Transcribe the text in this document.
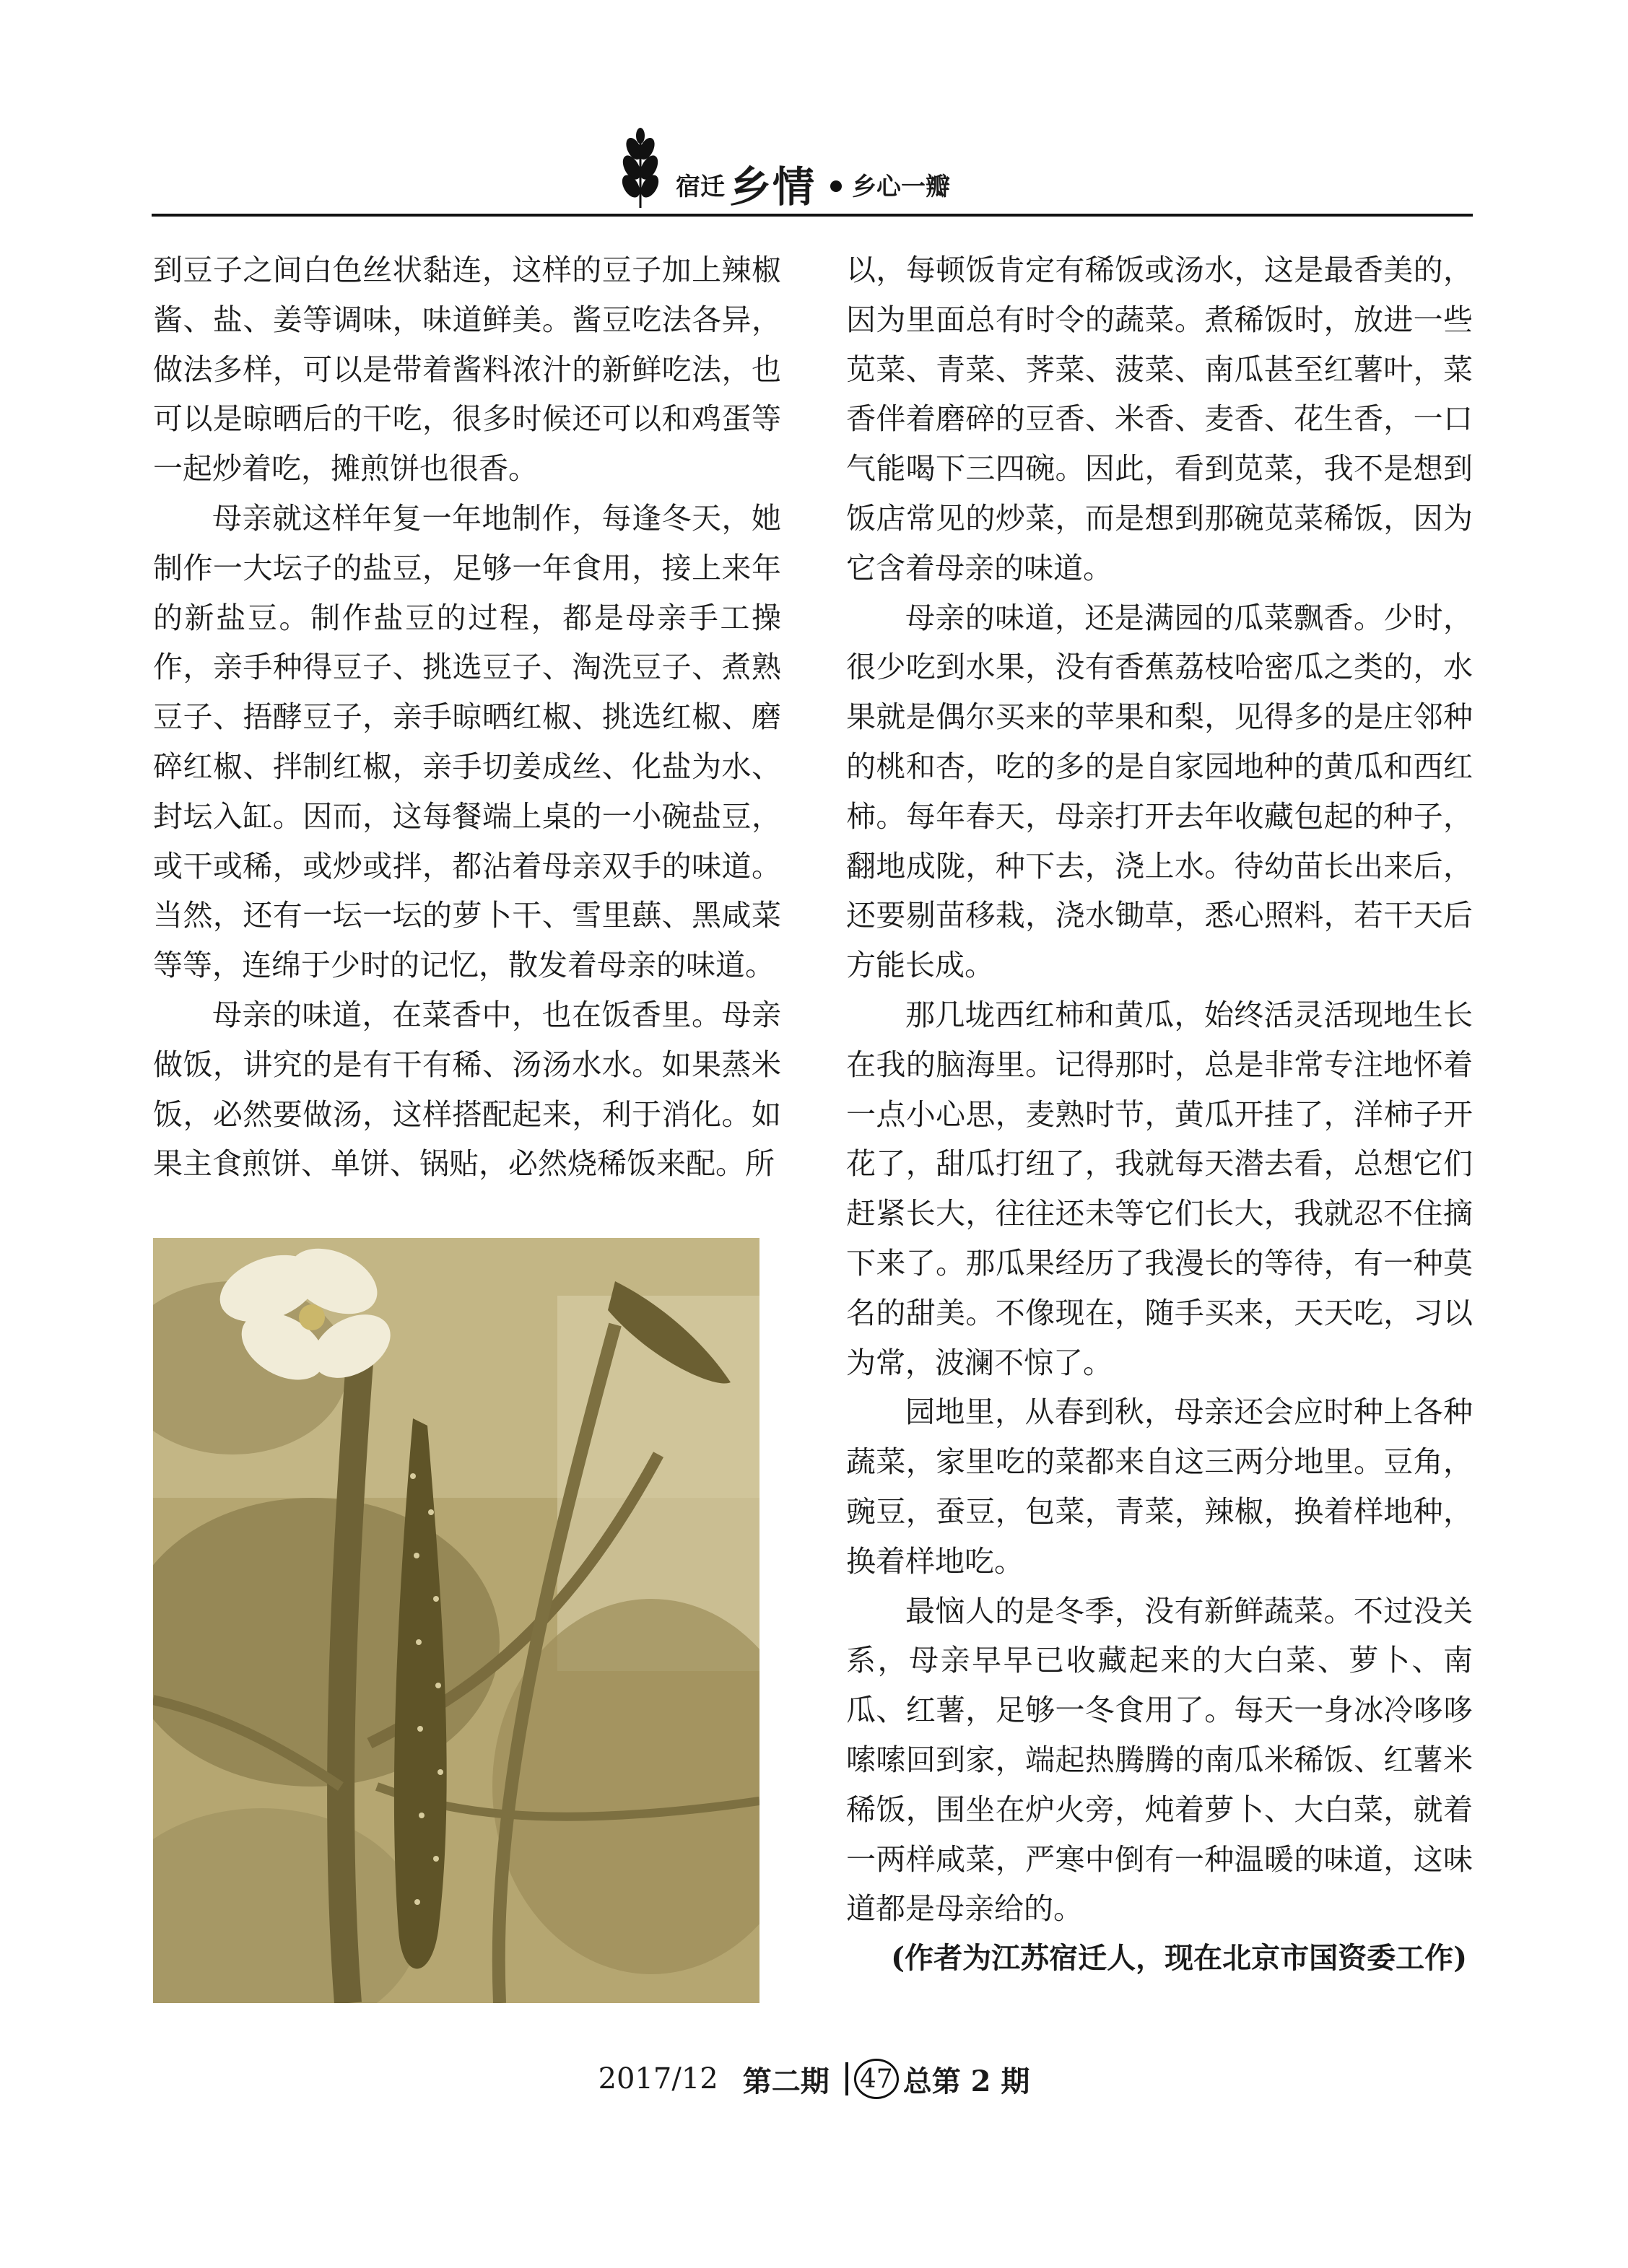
宿迁 乡情 乡心一瓣

到豆子之间白色丝状黏连，这样的豆子加上辣椒酱、盐、姜等调味，味道鲜美。酱豆吃法各异，做法多样，可以是带着酱料浓汁的新鲜吃法，也可以是晾晒后的干吃，很多时候还可以和鸡蛋等一起炒着吃，摊煎饼也很香。

母亲就这样年复一年地制作，每逢冬天，她制作一大坛子的盐豆，足够一年食用，接上来年的新盐豆。制作盐豆的过程，都是母亲手工操作，亲手种得豆子、挑选豆子、淘洗豆子、煮熟豆子、捂酵豆子，亲手晾晒红椒、挑选红椒、磨碎红椒、拌制红椒，亲手切姜成丝、化盐为水、封坛入缸。因而，这每餐端上桌的一小碗盐豆，或干或稀，或炒或拌，都沾着母亲双手的味道。当然，还有一坛一坛的萝卜干、雪里蕻、黑咸菜等等，连绵于少时的记忆，散发着母亲的味道。

母亲的味道，在菜香中，也在饭香里。母亲做饭，讲究的是有干有稀、汤汤水水。如果蒸米饭，必然要做汤，这样搭配起来，利于消化。如果主食煎饼、单饼、锅贴，必然烧稀饭来配。所

以，每顿饭肯定有稀饭或汤水，这是最香美的，因为里面总有时令的蔬菜。煮稀饭时，放进一些苋菜、青菜、荠菜、菠菜、南瓜甚至红薯叶，菜香伴着磨碎的豆香、米香、麦香、花生香，一口气能喝下三四碗。因此，看到苋菜，我不是想到饭店常见的炒菜，而是想到那碗苋菜稀饭，因为它含着母亲的味道。

母亲的味道，还是满园的瓜菜飘香。少时，很少吃到水果，没有香蕉荔枝哈密瓜之类的，水果就是偶尔买来的苹果和梨，见得多的是庄邻种的桃和杏，吃的多的是自家园地种的黄瓜和西红柿。每年春天，母亲打开去年收藏包起的种子，翻地成陇，种下去，浇上水。待幼苗长出来后，还要剔苗移栽，浇水锄草，悉心照料，若干天后方能长成。

那几垅西红柿和黄瓜，始终活灵活现地生长在我的脑海里。记得那时，总是非常专注地怀着一点小心思，麦熟时节，黄瓜开挂了，洋柿子开花了，甜瓜打纽了，我就每天潜去看，总想它们赶紧长大，往往还未等它们长大，我就忍不住摘下来了。那瓜果经历了我漫长的等待，有一种莫名的甜美。不像现在，随手买来，天天吃，习以为常，波澜不惊了。

园地里，从春到秋，母亲还会应时种上各种蔬菜，家里吃的菜都来自这三两分地里。豆角，豌豆，蚕豆，包菜，青菜，辣椒，换着样地种，换着样地吃。

最恼人的是冬季，没有新鲜蔬菜。不过没关系，母亲早早已收藏起来的大白菜、萝卜、南瓜、红薯，足够一冬食用了。每天一身冰冷哆哆嗦嗦回到家，端起热腾腾的南瓜米稀饭、红薯米稀饭，围坐在炉火旁，炖着萝卜、大白菜，就着一两样咸菜，严寒中倒有一种温暖的味道，这味道都是母亲给的。

(作者为江苏宿迁人，现在北京市国资委工作)

2017/12 第二期 47 总第 2 期
